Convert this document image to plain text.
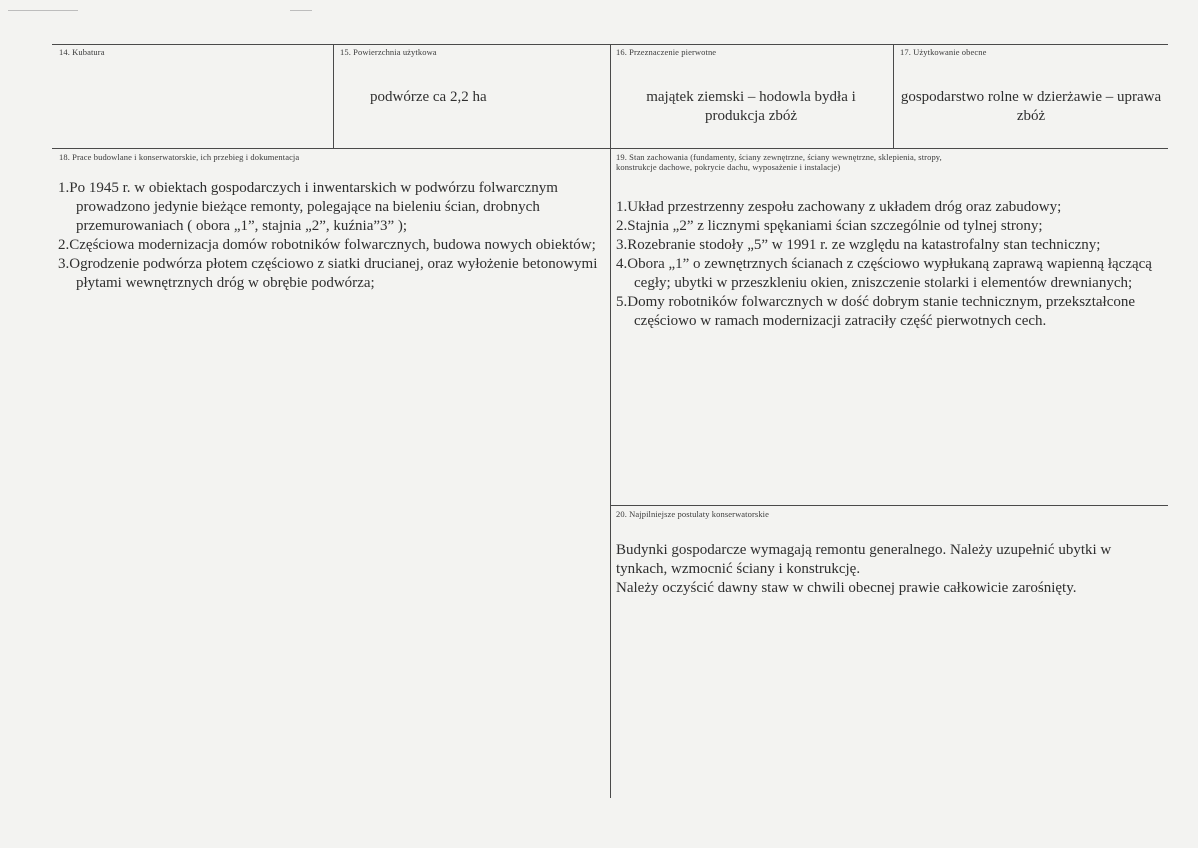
14. Kubatura	15. Powierzchnia użytkowa
podwórze ca 2,2 ha
16. Przeznaczenie pierwotne
majątek ziemski – hodowla bydła i produkcja zbóż
17. Użytkowanie obecne
gospodarstwo rolne w dzierżawie – uprawa zbóż
18. Prace budowlane i konserwatorskie, ich przebieg i dokumentacja
1.Po 1945 r. w obiektach gospodarczych i inwentarskich w podwórzu folwarcznym prowadzono jedynie bieżące remonty, polegające na bieleniu ścian, drobnych przemurowaniach ( obora „1”, stajnia „2”, kuźnia”3” );
2.Częściowa modernizacja domów robotników folwarcznych, budowa nowych obiektów;
3.Ogrodzenie podwórza płotem częściowo z siatki drucianej, oraz wyłożenie betonowymi płytami wewnętrznych dróg w obrębie podwórza;
19. Stan zachowania (fundamenty, ściany zewnętrzne, ściany wewnętrzne, sklepienia, stropy,
konstrukcje dachowe, pokrycie dachu, wyposażenie i instalacje)
1.Układ przestrzenny zespołu zachowany z układem dróg oraz zabudowy;
2.Stajnia „2” z licznymi spękaniami ścian szczególnie od tylnej strony;
3.Rozebranie stodoły „5” w 1991 r. ze względu na katastrofalny stan techniczny;
4.Obora „1” o zewnętrznych ścianach z częściowo wypłukaną zaprawą wapienną łączącą cegły; ubytki w przeszkleniu okien, zniszczenie stolarki i elementów drewnianych;
5.Domy robotników folwarcznych w dość dobrym stanie technicznym, przekształcone częściowo w ramach modernizacji zatraciły część pierwotnych cech.
20. Najpilniejsze postulaty konserwatorskie
Budynki gospodarcze wymagają remontu generalnego. Należy uzupełnić ubytki w tynkach, wzmocnić ściany i konstrukcję.
Należy oczyścić dawny staw w chwili obecnej prawie całkowicie zarośnięty.
